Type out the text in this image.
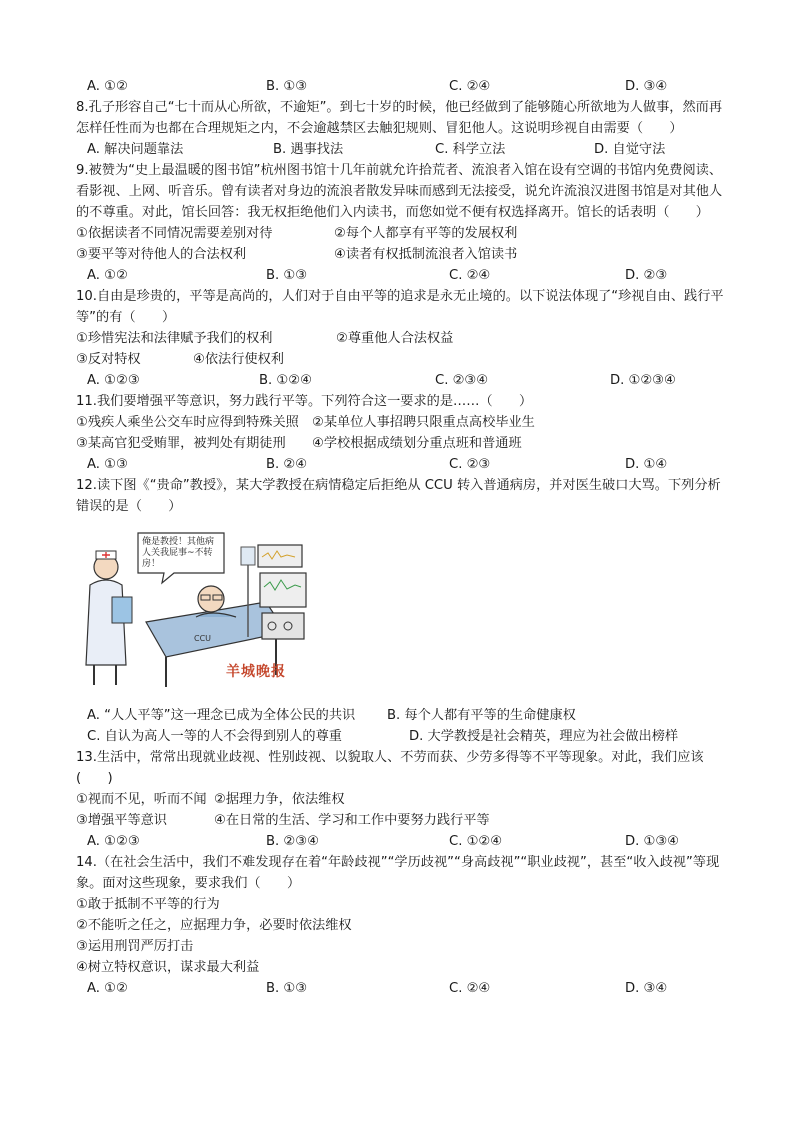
A. ①②	B. ①③	C. ②④	D. ③④
8.孔子形容自己“七十而从心所欲，不逾矩”。到七十岁的时候，他已经做到了能够随心所欲地为人做事，然而再怎样任性而为也都在合理规矩之内，不会逾越禁区去触犯规则、冒犯他人。这说明珍视自由需要（　　）
A. 解决问题靠法	B. 遇事找法	C. 科学立法	D. 自觉守法
9.被赞为“史上最温暖的图书馆”杭州图书馆十几年前就允许拾荒者、流浪者入馆在设有空调的书馆内免费阅读、看影视、上网、听音乐。曾有读者对身边的流浪者散发异味而感到无法接受，说允许流浪汉进图书馆是对其他人的不尊重。对此，馆长回答：我无权拒绝他们入内读书，而您如觉不便有权选择离开。馆长的话表明（　　）
①依据读者不同情况需要差别对待	②每个人都享有平等的发展权利
③要平等对待他人的合法权利	④读者有权抵制流浪者入馆读书
A. ①②	B. ①③	C. ②④	D. ②③
10.自由是珍贵的，平等是高尚的，人们对于自由平等的追求是永无止境的。以下说法体现了“珍视自由、践行平等”的有（　　）
①珍惜宪法和法律赋予我们的权利	②尊重他人合法权益
③反对特权	④依法行使权利
A. ①②③	B. ①②④	C. ②③④	D. ①②③④
11.我们要增强平等意识，努力践行平等。下列符合这一要求的是……（　　）
①残疾人乘坐公交车时应得到特殊关照 ②某单位人事招聘只限重点高校毕业生
③某高官犯受贿罪，被判处有期徒刑 ④学校根据成绩划分重点班和普通班
A. ①③	B. ②④	C. ②③	D. ①④
12.读下图《“贵命”教授》，某大学教授在病情稳定后拒绝从 CCU 转入普通病房，并对医生破口大骂。下列分析错误的是（　　）
俺是教授！其他病人关我屁事~不转房！
CCU
羊城晚报
A. “人人平等”这一理念已成为全体公民的共识	B. 每个人都有平等的生命健康权
C. 自认为高人一等的人不会得到别人的尊重	D. 大学教授是社会精英，理应为社会做出榜样
13.生活中，常常出现就业歧视、性别歧视、以貌取人、不劳而获、少劳多得等不平等现象。对此，我们应该(　　)
①视而不见，听而不闻 ②据理力争，依法维权
③增强平等意识	④在日常的生活、学习和工作中要努力践行平等
A. ①②③	B. ②③④	C. ①②④	D. ①③④
14.（在社会生活中，我们不难发现存在着“年龄歧视”“学历歧视”“身高歧视”“职业歧视”，甚至“收入歧视”等现象。面对这些现象，要求我们（　　）
①敢于抵制不平等的行为
②不能听之任之，应据理力争，必要时依法维权
③运用刑罚严厉打击
④树立特权意识，谋求最大利益
A. ①②	B. ①③	C. ②④	D. ③④
